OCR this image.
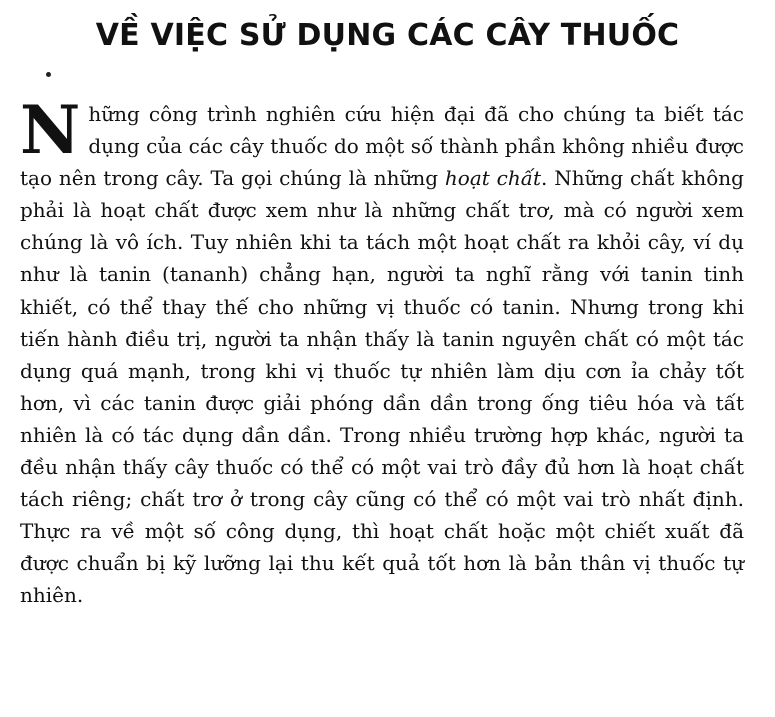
VỀ VIỆC SỬ DỤNG CÁC CÂY THUỐC

Những công trình nghiên cứu hiện đại đã cho chúng ta biết tác dụng của các cây thuốc do một số thành phần không nhiều được tạo nên trong cây. Ta gọi chúng là những hoạt chất. Những chất không phải là hoạt chất được xem như là những chất trơ, mà có người xem chúng là vô ích. Tuy nhiên khi ta tách một hoạt chất ra khỏi cây, ví dụ như là tanin (tananh) chẳng hạn, người ta nghĩ rằng với tanin tinh khiết, có thể thay thế cho những vị thuốc có tanin. Nhưng trong khi tiến hành điều trị, người ta nhận thấy là tanin nguyên chất có một tác dụng quá mạnh, trong khi vị thuốc tự nhiên làm dịu cơn ỉa chảy tốt hơn, vì các tanin được giải phóng dần dần trong ống tiêu hóa và tất nhiên là có tác dụng dần dần. Trong nhiều trường hợp khác, người ta đều nhận thấy cây thuốc có thể có một vai trò đầy đủ hơn là hoạt chất tách riêng; chất trơ ở trong cây cũng có thể có một vai trò nhất định. Thực ra về một số công dụng, thì hoạt chất hoặc một chiết xuất đã được chuẩn bị kỹ lưỡng lại thu kết quả tốt hơn là bản thân vị thuốc tự nhiên.
